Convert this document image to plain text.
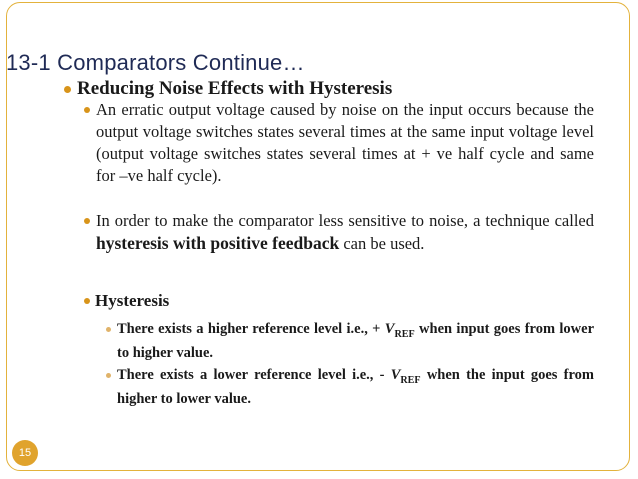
13-1 Comparators Continue…
Reducing Noise Effects with Hysteresis
An erratic output voltage caused by noise on the input occurs because the output voltage switches states several times at the same input voltage level (output voltage switches states several times at + ve half cycle and same for –ve half cycle).
In order to make the comparator less sensitive to noise, a technique called hysteresis with positive feedback can be used.
Hysteresis
There exists a higher reference level i.e., + $V_{REF}$ when input goes from lower to higher value.
There exists a lower reference level i.e., - $V_{REF}$ when the input goes from higher to lower value.
15
